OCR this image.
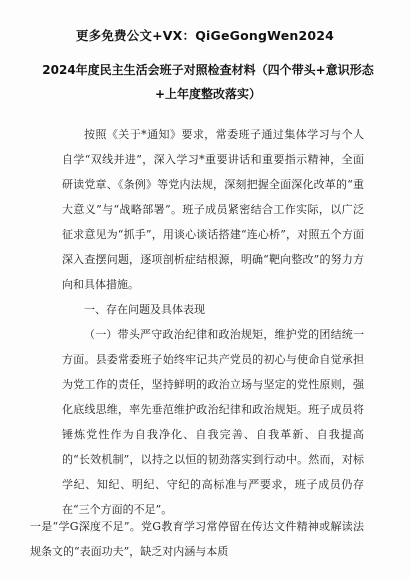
更多免费公文+VX：QiGeGongWen2024
2024年度民主生活会班子对照检查材料（四个带头+意识形态+上年度整改落实）
按照《关于*通知》要求，常委班子通过集体学习与个人自学“双线并进”，深入学习*重要讲话和重要指示精神，全面研读党章、《条例》等党内法规，深刻把握全面深化改革的“重大意义”与“战略部署”。班子成员紧密结合工作实际，以广泛征求意见为“抓手”，用谈心谈话搭建“连心桥”，对照五个方面深入查摆问题，逐项剖析症结根源，明确“靶向整改”的努力方向和具体措施。
一、存在问题及具体表现
（一）带头严守政治纪律和政治规矩，维护党的团结统一方面。县委常委班子始终牢记共产党员的初心与使命自觉承担为党工作的责任，坚持鲜明的政治立场与坚定的党性原则，强化底线思维，率先垂范维护政治纪律和政治规矩。班子成员将锤炼党性作为自我净化、自我完善、自我革新、自我提高的“长效机制”，以持之以恒的韧劲落实到行动中。然而，对标学纪、知纪、明纪、守纪的高标准与严要求，班子成员仍存在“三个方面的不足”。
一是“学G深度不足”。党G教育学习常停留在传达文件精神或解读法规条文的“表面功夫”，缺乏对内涵与本质
